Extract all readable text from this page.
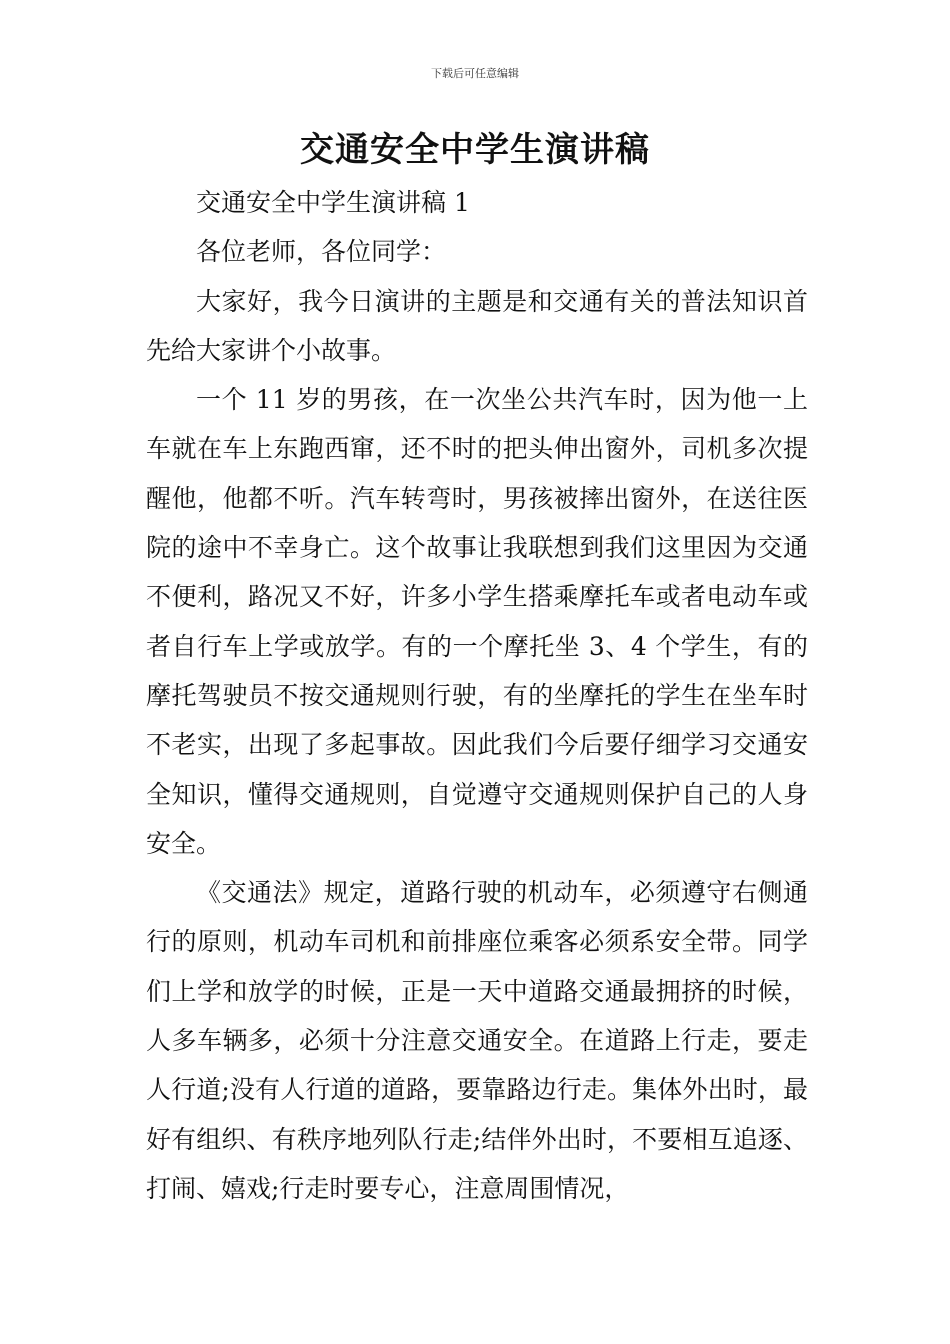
下载后可任意编辑
交通安全中学生演讲稿

交通安全中学生演讲稿 1

各位老师，各位同学：

大家好，我今日演讲的主题是和交通有关的普法知识首先给大家讲个小故事。

一个 11 岁的男孩，在一次坐公共汽车时，因为他一上车就在车上东跑西窜，还不时的把头伸出窗外，司机多次提醒他，他都不听。汽车转弯时，男孩被摔出窗外，在送往医院的途中不幸身亡。这个故事让我联想到我们这里因为交通不便利，路况又不好，许多小学生搭乘摩托车或者电动车或者自行车上学或放学。有的一个摩托坐 3、4 个学生，有的摩托驾驶员不按交通规则行驶，有的坐摩托的学生在坐车时不老实，出现了多起事故。因此我们今后要仔细学习交通安全知识，懂得交通规则，自觉遵守交通规则保护自己的人身安全。

《交通法》规定，道路行驶的机动车，必须遵守右侧通行的原则，机动车司机和前排座位乘客必须系安全带。同学们上学和放学的时候，正是一天中道路交通最拥挤的时候，人多车辆多，必须十分注意交通安全。在道路上行走，要走人行道;没有人行道的道路，要靠路边行走。集体外出时，最好有组织、有秩序地列队行走;结伴外出时，不要相互追逐、打闹、嬉戏;行走时要专心，注意周围情况，
